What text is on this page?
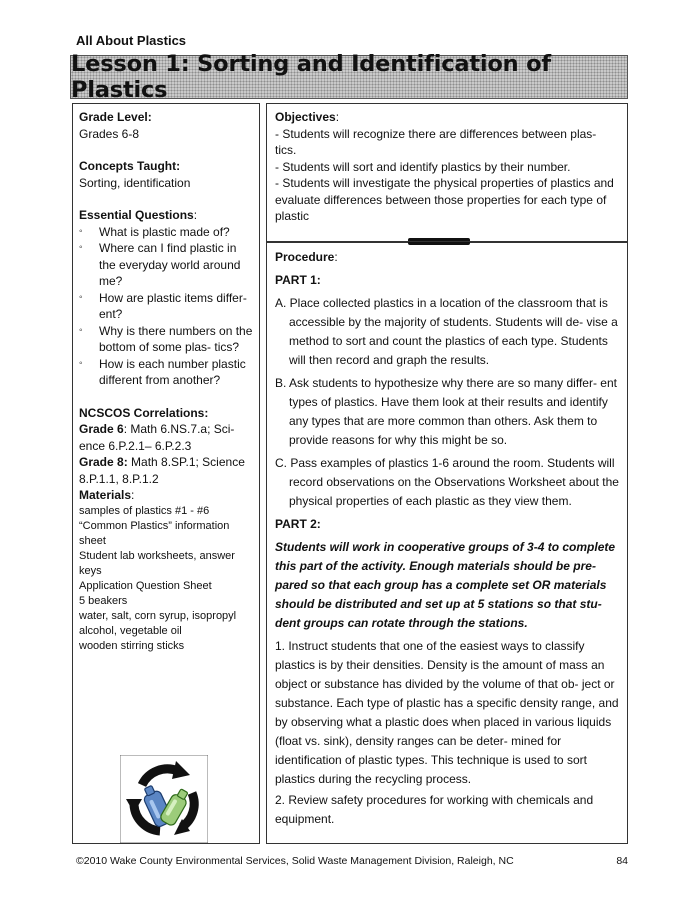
All About Plastics
Lesson 1: Sorting and Identification of Plastics
Grade Level:
Grades 6-8
Concepts Taught:
Sorting, identification
Essential Questions:
◦ What is plastic made of?
◦ Where can I find plastic in the everyday world around me?
◦ How are plastic items differ- ent?
◦ Why is there numbers on the bottom of some plas- tics?
◦ How is each number plastic different from another?
NCSCOS Correlations:
Grade 6: Math 6.NS.7.a; Sci- ence 6.P.2.1– 6.P.2.3
Grade 8: Math 8.SP.1; Science 8.P.1.1, 8.P.1.2
Materials:

samples of plastics #1 - #6

“Common Plastics” information sheet

Student lab worksheets, answer keys

Application Question Sheet

5 beakers

water, salt, corn syrup, isopropyl alcohol, vegetable oil

wooden stirring sticks

Objectives:
- Students will recognize there are differences between plas- tics.
- Students will sort and identify plastics by their number.
- Students will investigate the physical properties of plastics and evaluate differences between those properties for each type of plastic
Procedure:
PART 1:

A. Place collected plastics in a location of the classroom that is accessible by the majority of students. Students will de- vise a method to sort and count the plastics of each type. Students will then record and graph the results.

B. Ask students to hypothesize why there are so many differ- ent types of plastics. Have them look at their results and identify any types that are more common than others. Ask them to provide reasons for why this might be so.

C. Pass examples of plastics 1-6 around the room. Students will record observations on the Observations Worksheet about the physical properties of each plastic as they view them.

PART 2:

Students will work in cooperative groups of 3-4 to complete this part of the activity. Enough materials should be pre- pared so that each group has a complete set OR materials should be distributed and set up at 5 stations so that stu- dent groups can rotate through the stations.

1. Instruct students that one of the easiest ways to classify plastics is by their densities. Density is the amount of mass an object or substance has divided by the volume of that ob- ject or substance. Each type of plastic has a specific density range, and by observing what a plastic does when placed in various liquids (float vs. sink), density ranges can be deter- mined for identification of plastic types. This technique is used to sort plastics during the recycling process.

2. Review safety procedures for working with chemicals and equipment.

©2010 Wake County Environmental Services, Solid Waste Management Division, Raleigh, NC	84
